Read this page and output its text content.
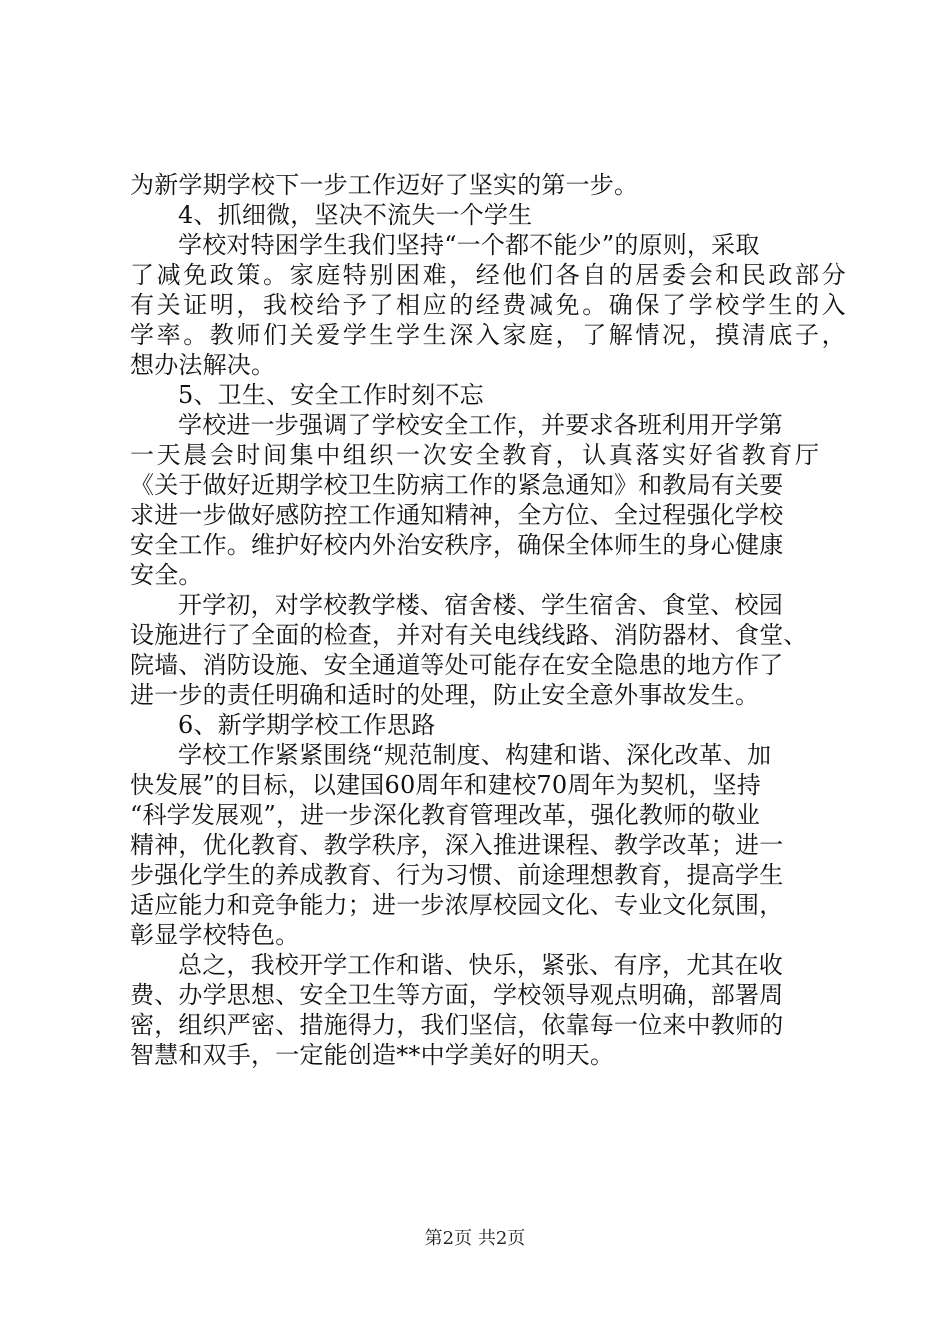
为新学期学校下一步工作迈好了坚实的第一步。
4、抓细微，坚决不流失一个学生
学校对特困学生我们坚持“一个都不能少”的原则，采取
了减免政策。家庭特别困难，经他们各自的居委会和民政部分
有关证明，我校给予了相应的经费减免。确保了学校学生的入
学率。教师们关爱学生学生深入家庭，了解情况，摸清底子，
想办法解决。
5、卫生、安全工作时刻不忘
学校进一步强调了学校安全工作，并要求各班利用开学第
一天晨会时间集中组织一次安全教育，认真落实好省教育厅
《关于做好近期学校卫生防病工作的紧急通知》和教局有关要
求进一步做好感防控工作通知精神，全方位、全过程强化学校
安全工作。维护好校内外治安秩序，确保全体师生的身心健康
安全。
开学初，对学校教学楼、宿舍楼、学生宿舍、食堂、校园
设施进行了全面的检查，并对有关电线线路、消防器材、食堂、
院墙、消防设施、安全通道等处可能存在安全隐患的地方作了
进一步的责任明确和适时的处理，防止安全意外事故发生。
6、新学期学校工作思路
学校工作紧紧围绕“规范制度、构建和谐、深化改革、加
快发展”的目标，以建国60周年和建校70周年为契机，坚持
“科学发展观”，进一步深化教育管理改革，强化教师的敬业
精神，优化教育、教学秩序，深入推进课程、教学改革；进一
步强化学生的养成教育、行为习惯、前途理想教育，提高学生
适应能力和竞争能力；进一步浓厚校园文化、专业文化氛围，
彰显学校特色。
总之，我校开学工作和谐、快乐，紧张、有序，尤其在收
费、办学思想、安全卫生等方面，学校领导观点明确，部署周
密，组织严密、措施得力，我们坚信，依靠每一位来中教师的
智慧和双手，一定能创造**中学美好的明天。
第2页 共2页
